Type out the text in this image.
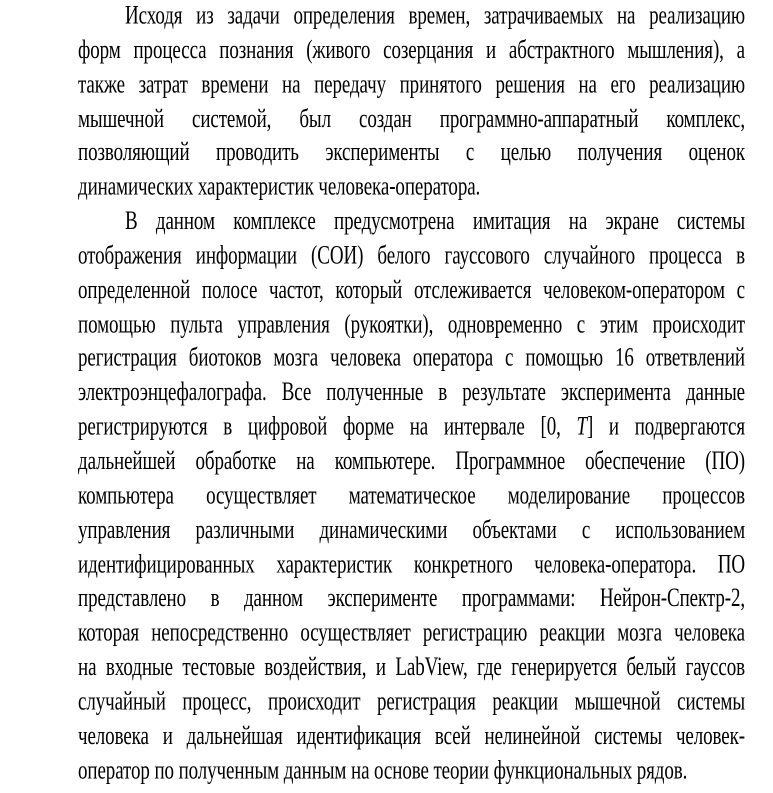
Исходя из задачи определения времен, затрачиваемых на реализацию
форм процесса познания (живого созерцания и абстрактного мышления), а
также затрат времени на передачу принятого решения на его реализацию
мышечной системой, был создан программно-аппаратный комплекс,
позволяющий проводить эксперименты с целью получения оценок
динамических характеристик человека-оператора.
В данном комплексе предусмотрена имитация на экране системы
отображения информации (СОИ) белого гауссового случайного процесса в
определенной полосе частот, который отслеживается человеком-оператором с
помощью пульта управления (рукоятки), одновременно с этим происходит
регистрация биотоков мозга человека оператора с помощью 16 ответвлений
электроэнцефалографа. Все полученные в результате эксперимента данные
регистрируются в цифровой форме на интервале [0, T] и подвергаются
дальнейшей обработке на компьютере. Программное обеспечение (ПО)
компьютера осуществляет математическое моделирование процессов
управления различными динамическими объектами с использованием
идентифицированных характеристик конкретного человека-оператора. ПО
представлено в данном эксперименте программами: Нейрон-Спектр-2,
которая непосредственно осуществляет регистрацию реакции мозга человека
на входные тестовые воздействия, и LabView, где генерируется белый гауссов
случайный процесс, происходит регистрация реакции мышечной системы
человека и дальнейшая идентификация всей нелинейной системы человек-
оператор по полученным данным на основе теории функциональных рядов.
